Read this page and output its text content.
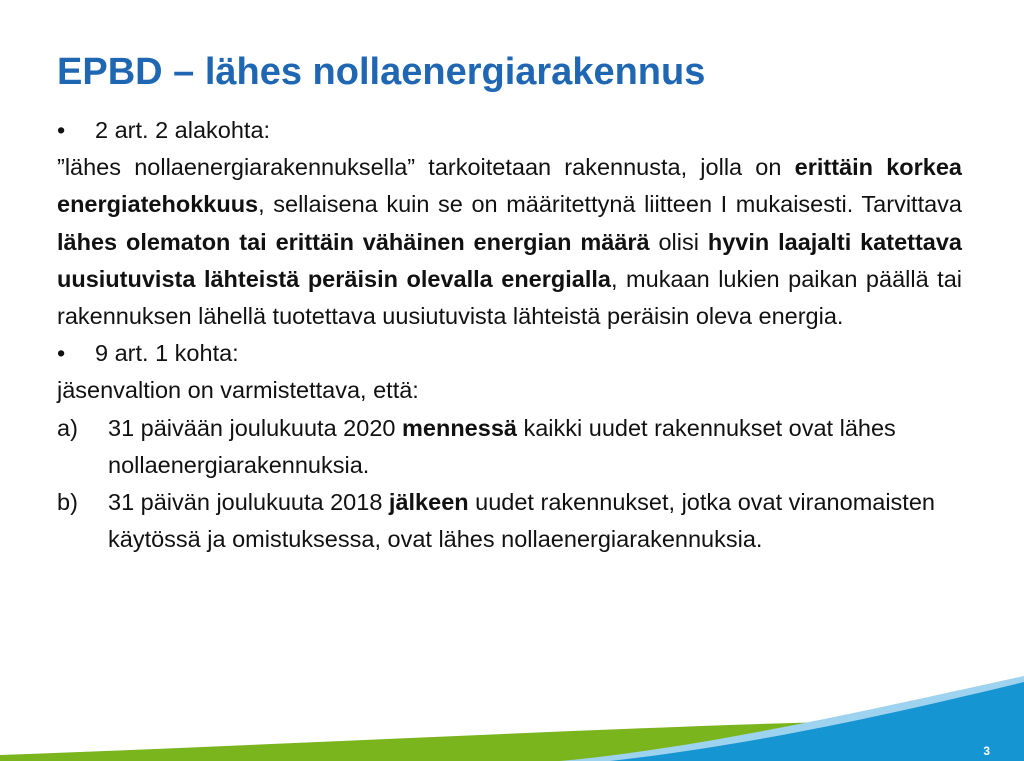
EPBD – lähes nollaenergiarakennus
•	2 art. 2 alakohta:

”lähes nollaenergiarakennuksella” tarkoitetaan rakennusta, jolla on erittäin korkea energiatehokkuus, sellaisena kuin se on määritettynä liitteen I mukaisesti. Tarvittava lähes olematon tai erittäin vähäinen energian määrä olisi hyvin laajalti katettava uusiutuvista lähteistä peräisin olevalla energialla, mukaan lukien paikan päällä tai rakennuksen lähellä tuotettava uusiutuvista lähteistä peräisin oleva energia.

•	9 art. 1 kohta:

jäsenvaltion on varmistettava, että:

a)	31 päivään joulukuuta 2020 mennessä kaikki uudet rakennukset ovat lähes nollaenergiarakennuksia.
b)	31 päivän joulukuuta 2018 jälkeen uudet rakennukset, jotka ovat viranomaisten käytössä ja omistuksessa, ovat lähes nollaenergiarakennuksia.
3
